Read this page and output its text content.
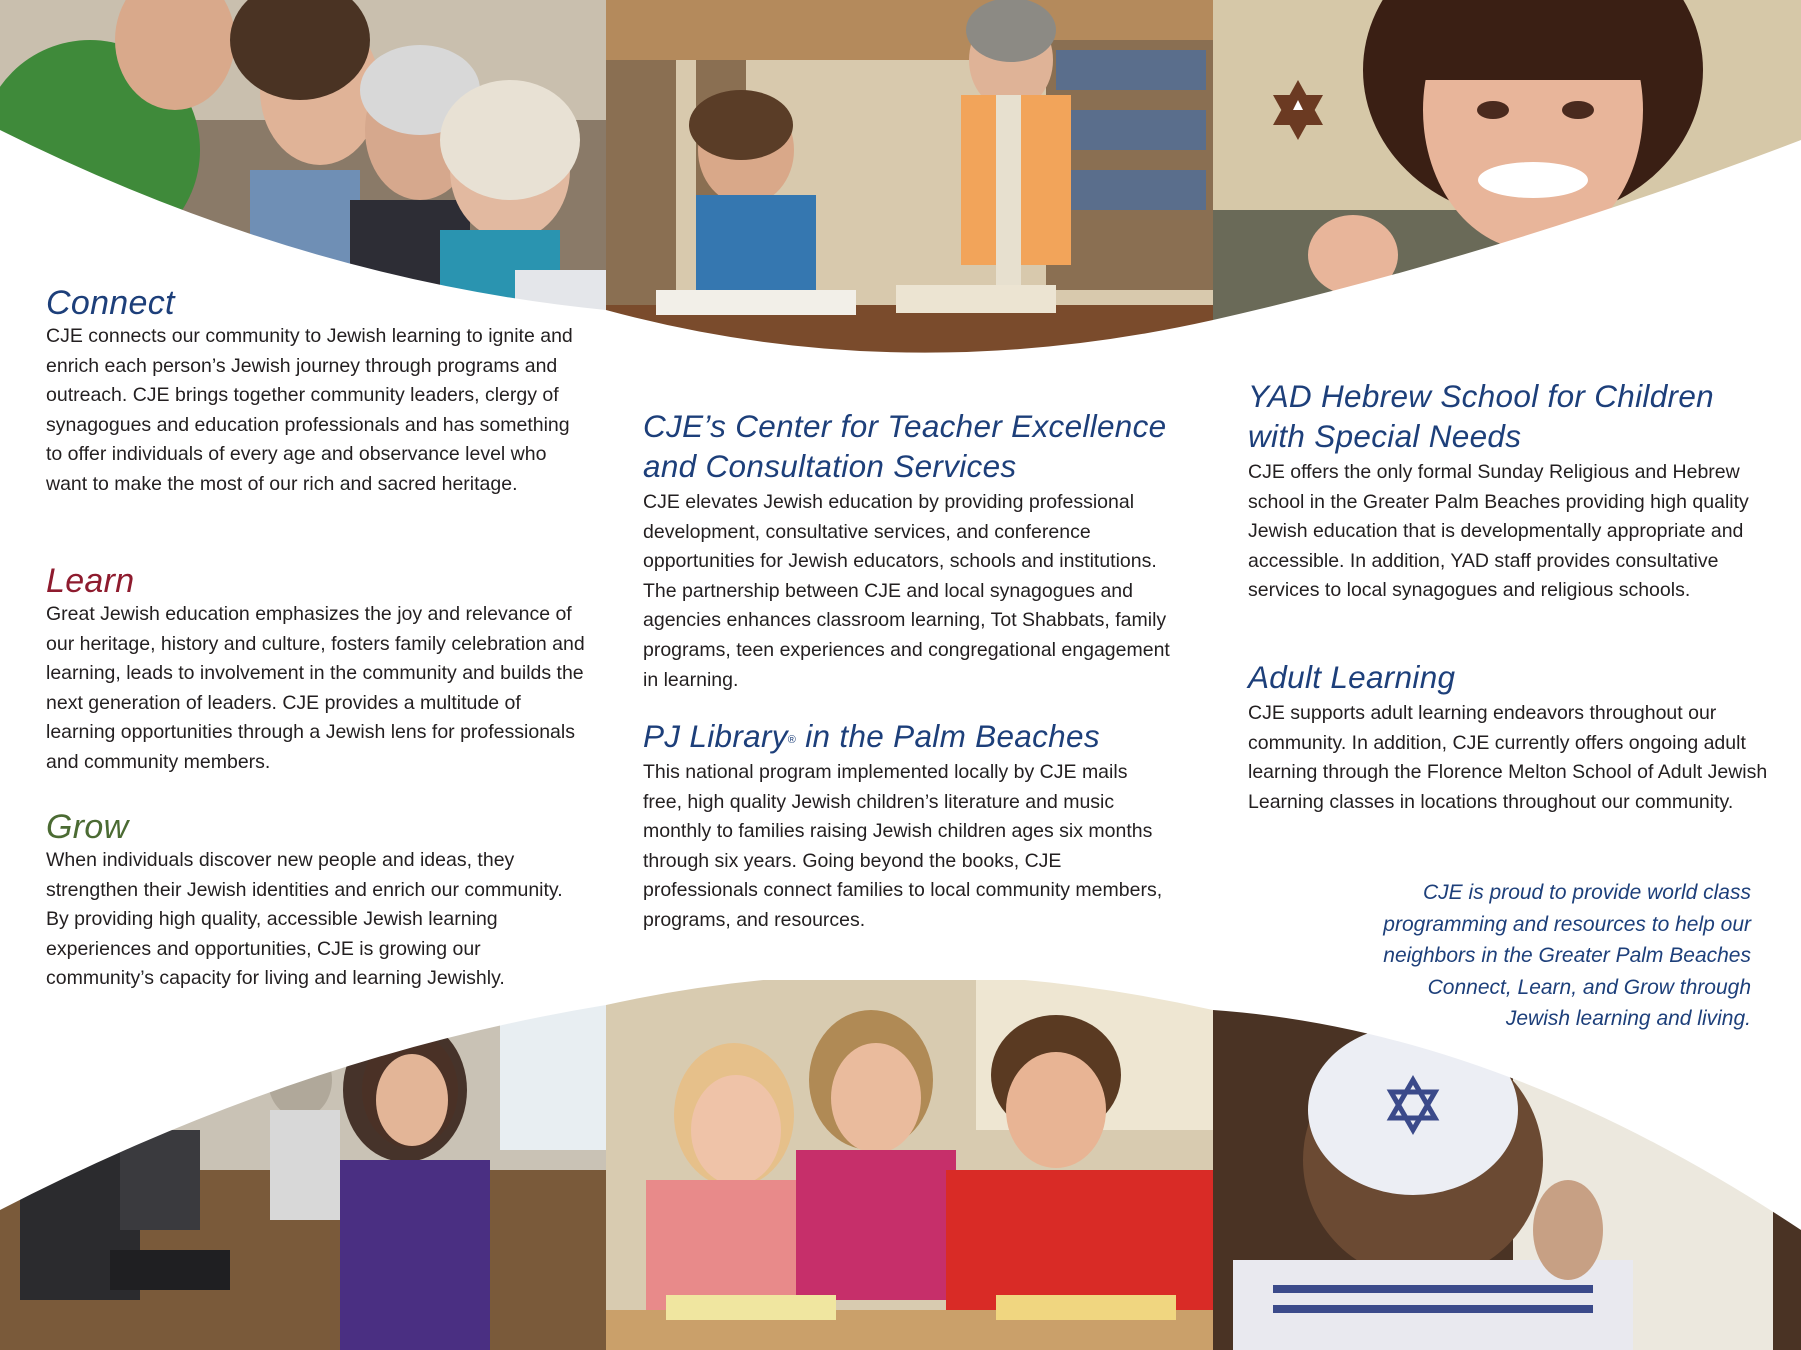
Connect

CJE connects our community to Jewish learning to ignite and enrich each person’s Jewish journey through programs and outreach. CJE brings together community leaders, clergy of synagogues and education professionals and has something to offer individuals of every age and observance level who want to make the most of our rich and sacred heritage.

Learn

Great Jewish education emphasizes the joy and relevance of our heritage, history and culture, fosters family celebration and learning, leads to involvement in the community and builds the next generation of leaders. CJE provides a multitude of learning opportunities through a Jewish lens for professionals and community members.

Grow

When individuals discover new people and ideas, they strengthen their Jewish identities and enrich our community. By providing high quality, accessible Jewish learning experiences and opportunities, CJE is growing our community’s capacity for living and learning Jewishly.

CJE’s Center for Teacher Excellence and Consultation Services

CJE elevates Jewish education by providing professional development, consultative services, and conference opportunities for Jewish educators, schools and institutions. The partnership between CJE and local synagogues and agencies enhances classroom learning, Tot Shabbats, family programs, teen experiences and congregational engagement in learning.

PJ Library® in the Palm Beaches

This national program implemented locally by CJE mails free, high quality Jewish children’s literature and music monthly to families raising Jewish children ages six months through six years. Going beyond the books, CJE professionals connect families to local community members, programs, and resources.

YAD Hebrew School for Children with Special Needs

CJE offers the only formal Sunday Religious and Hebrew school in the Greater Palm Beaches providing high quality Jewish education that is developmentally appropriate and accessible. In addition, YAD staff provides consultative services to local synagogues and religious schools.

Adult Learning

CJE supports adult learning endeavors throughout our community. In addition, CJE currently offers ongoing adult learning through the Florence Melton School of Adult Jewish Learning classes in locations throughout our community.

CJE is proud to provide world class
programming and resources to help our
neighbors in the Greater Palm Beaches
Connect, Learn, and Grow through
Jewish learning and living.
